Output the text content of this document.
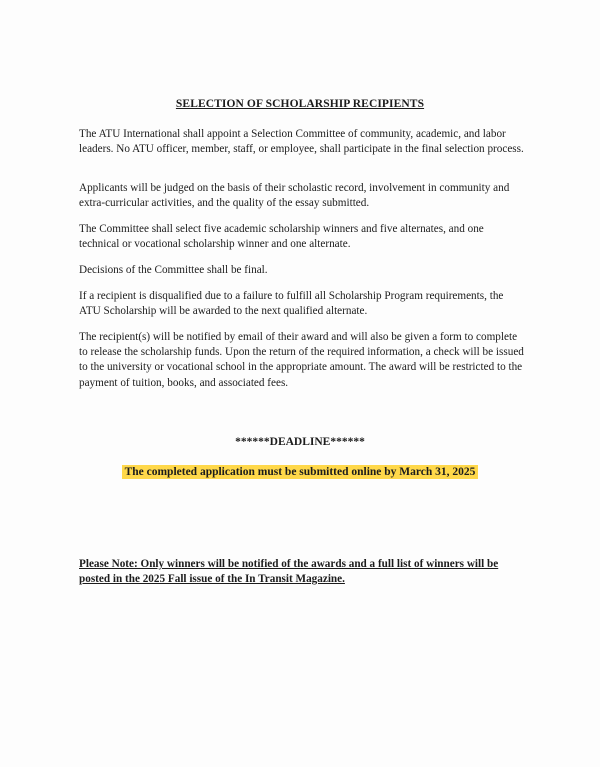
SELECTION OF SCHOLARSHIP RECIPIENTS

The ATU International shall appoint a Selection Committee of community, academic, and labor leaders. No ATU officer, member, staff, or employee, shall participate in the final selection process.

Applicants will be judged on the basis of their scholastic record, involvement in community and extra-curricular activities, and the quality of the essay submitted.

The Committee shall select five academic scholarship winners and five alternates, and one technical or vocational scholarship winner and one alternate.

Decisions of the Committee shall be final.

If a recipient is disqualified due to a failure to fulfill all Scholarship Program requirements, the ATU Scholarship will be awarded to the next qualified alternate.

The recipient(s) will be notified by email of their award and will also be given a form to complete to release the scholarship funds. Upon the return of the required information, a check will be issued to the university or vocational school in the appropriate amount. The award will be restricted to the payment of tuition, books, and associated fees.

******DEADLINE******
The completed application must be submitted online by March 31, 2025
Please Note: Only winners will be notified of the awards and a full list of winners will be posted in the 2025 Fall issue of the In Transit Magazine.
